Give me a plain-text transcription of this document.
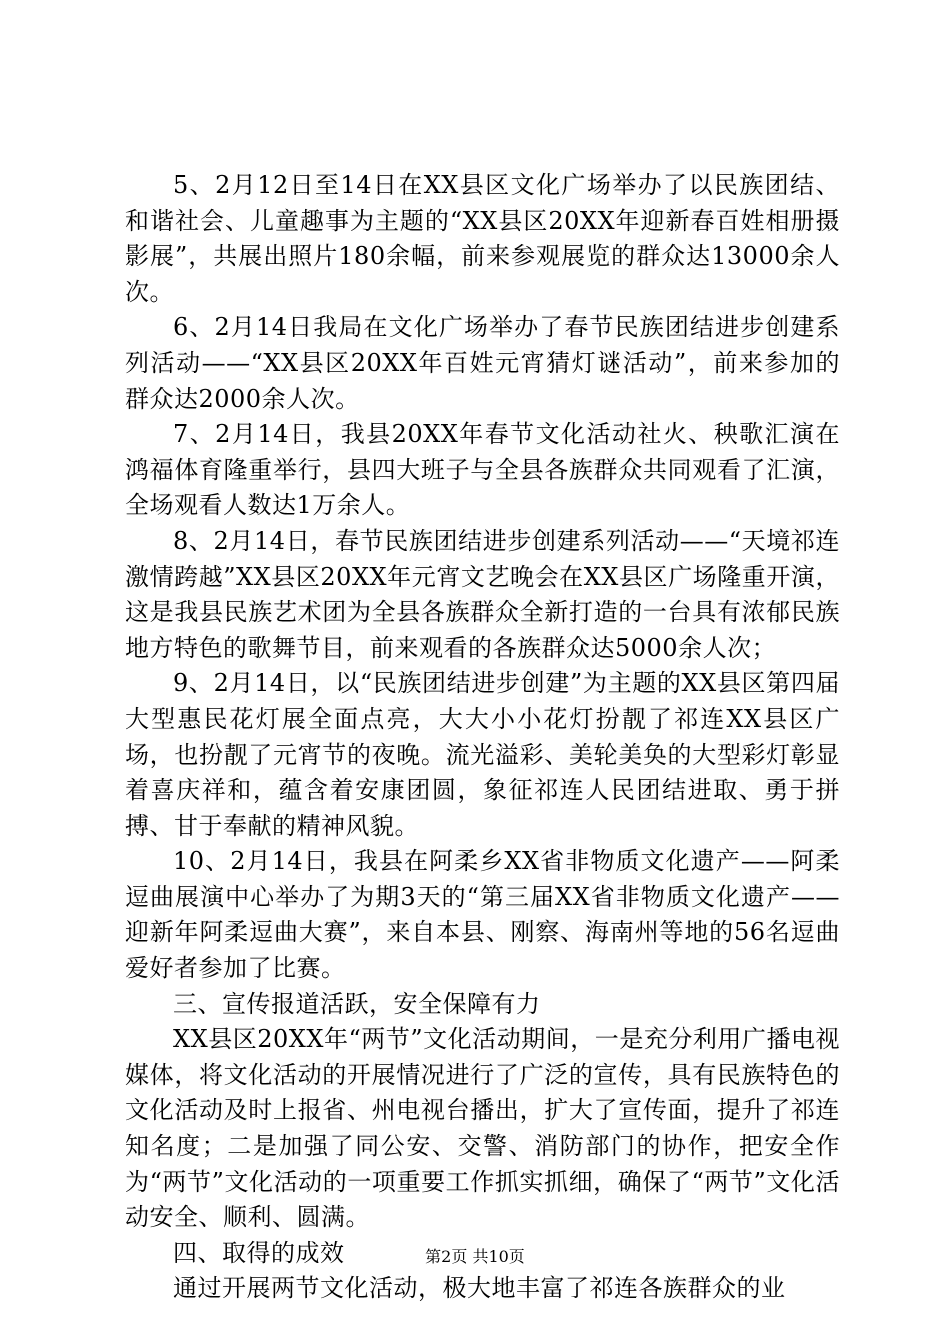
5、2月12日至14日在XX县区文化广场举办了以民族团结、和谐社会、儿童趣事为主题的“XX县区20XX年迎新春百姓相册摄影展”，共展出照片180余幅，前来参观展览的群众达13000余人次。

6、2月14日我局在文化广场举办了春节民族团结进步创建系列活动——“XX县区20XX年百姓元宵猜灯谜活动”，前来参加的群众达2000余人次。

7、2月14日，我县20XX年春节文化活动社火、秧歌汇演在鸿福体育隆重举行，县四大班子与全县各族群众共同观看了汇演，全场观看人数达1万余人。

8、2月14日，春节民族团结进步创建系列活动——“天境祁连激情跨越”XX县区20XX年元宵文艺晚会在XX县区广场隆重开演，这是我县民族艺术团为全县各族群众全新打造的一台具有浓郁民族地方特色的歌舞节目，前来观看的各族群众达5000余人次；

9、2月14日，以“民族团结进步创建”为主题的XX县区第四届大型惠民花灯展全面点亮，大大小小花灯扮靓了祁连XX县区广场，也扮靓了元宵节的夜晚。流光溢彩、美轮美奂的大型彩灯彰显着喜庆祥和，蕴含着安康团圆，象征祁连人民团结进取、勇于拼搏、甘于奉献的精神风貌。

10、2月14日，我县在阿柔乡XX省非物质文化遗产——阿柔逗曲展演中心举办了为期3天的“第三届XX省非物质文化遗产——迎新年阿柔逗曲大赛”，来自本县、刚察、海南州等地的56名逗曲爱好者参加了比赛。

三、宣传报道活跃，安全保障有力

XX县区20XX年“两节”文化活动期间，一是充分利用广播电视媒体，将文化活动的开展情况进行了广泛的宣传，具有民族特色的文化活动及时上报省、州电视台播出，扩大了宣传面，提升了祁连知名度；二是加强了同公安、交警、消防部门的协作，把安全作为“两节”文化活动的一项重要工作抓实抓细，确保了“两节”文化活动安全、顺利、圆满。

四、取得的成效

通过开展两节文化活动，极大地丰富了祁连各族群众的业

第2页 共10页
